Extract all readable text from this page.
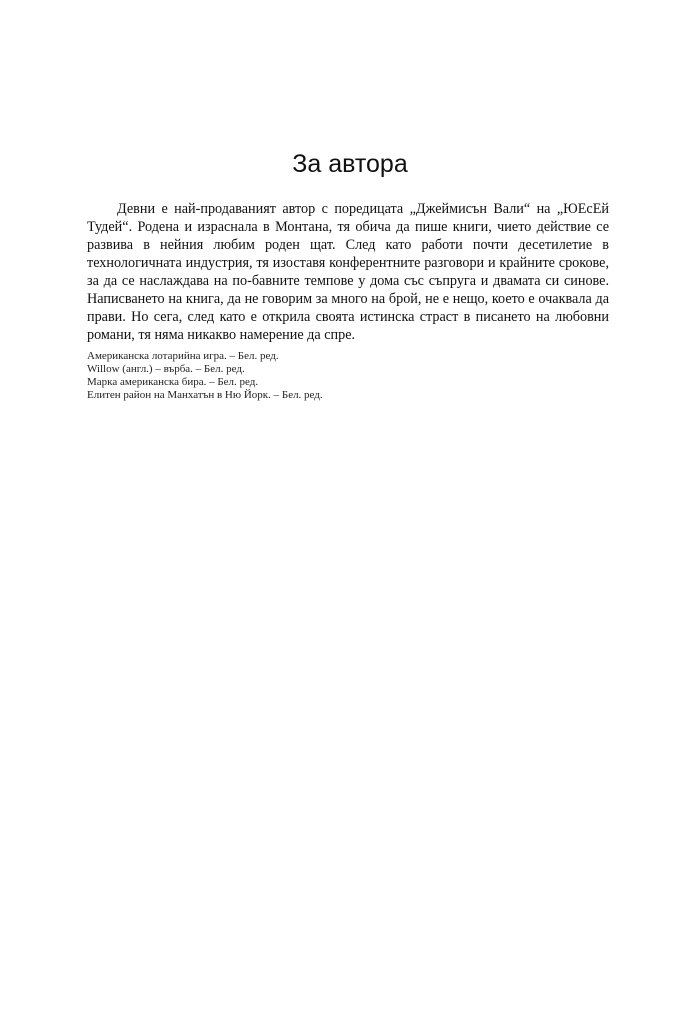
За автора

Девни е най-продаваният автор с поредицата „Джеймисън Вали“ на „ЮЕсЕй Тудей“. Родена и израснала в Монтана, тя обича да пише книги, чието действие се развива в нейния любим роден щат. След като работи почти десетилетие в технологичната индустрия, тя изоставя конферентните разговори и крайните срокове, за да се наслаждава на по-бавните темпове у дома със съпруга и двамата си синове. Написването на книга, да не говорим за много на брой, не е нещо, което е очаквала да прави. Но сега, след като е открила своята истинска страст в писането на любовни романи, тя няма никакво намерение да спре.

Американска лотарийна игра. – Бел. ред.
Willow (англ.) – върба. – Бел. ред.
Марка американска бира. – Бел. ред.
Елитен район на Манхатън в Ню Йорк. – Бел. ред.
